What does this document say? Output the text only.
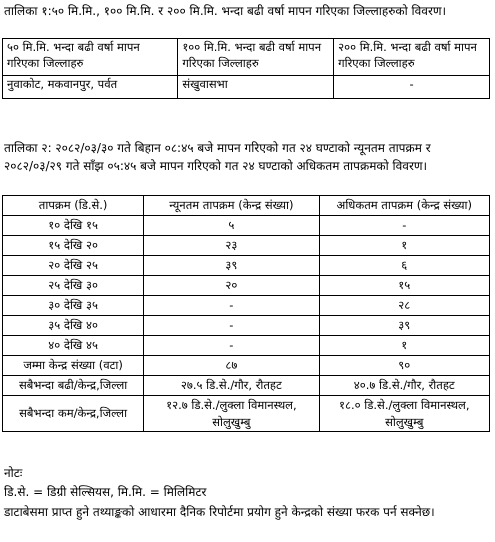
तालिका १:५० मि.मि., १०० मि.मि. र २०० मि.मि. भन्दा बढी वर्षा मापन गरिएका जिल्लाहरुको विवरण।
५० मि.मि. भन्दा बढी वर्षा मापन गरिएका जिल्लाहरु	१०० मि.मि. भन्दा बढी वर्षा मापन गरिएका जिल्लाहरु	२०० मि.मि. भन्दा बढी वर्षा मापन गरिएका जिल्लाहरु
नुवाकोट, मकवानपुर, पर्वत	संखुवासभा	-
तालिका २: २०८२/०३/३० गते बिहान ०८:४५ बजे मापन गरिएको गत २४ घण्टाको न्यूनतम तापक्रम र २०८२/०३/२९ गते साँझ ०५:४५ बजे मापन गरिएको गत २४ घण्टाको अधिकतम तापक्रमको विवरण।
तापक्रम (डि.से.)	न्यूनतम तापक्रम (केन्द्र संख्या)	अधिकतम तापक्रम (केन्द्र संख्या)
१० देखि १५	५	-
१५ देखि २०	२३	१
२० देखि २५	३९	६
२५ देखि ३०	२०	१५
३० देखि ३५	-	२८
३५ देखि ४०	-	३९
४० देखि ४५	-	१
जम्मा केन्द्र संख्या (वटा)	८७	९०
सबैभन्दा बढी/केन्द्र,जिल्ला	२७.५ डि.से./गौर, रौतहट	४०.७ डि.से./गौर, रौतहट
सबैभन्दा कम/केन्द्र,जिल्ला	१२.७ डि.से./लुक्ला विमानस्थल, सोलुखुम्बु	१८.० डि.से./लुक्ला विमानस्थल, सोलुखुम्बु
नोटः
डि.से. = डिग्री सेल्सियस, मि.मि. = मिलिमिटर
डाटाबेसमा प्राप्त हुने तथ्याङ्कको आधारमा दैनिक रिपोर्टमा प्रयोग हुने केन्द्रको संख्या फरक पर्न सक्नेछ।
